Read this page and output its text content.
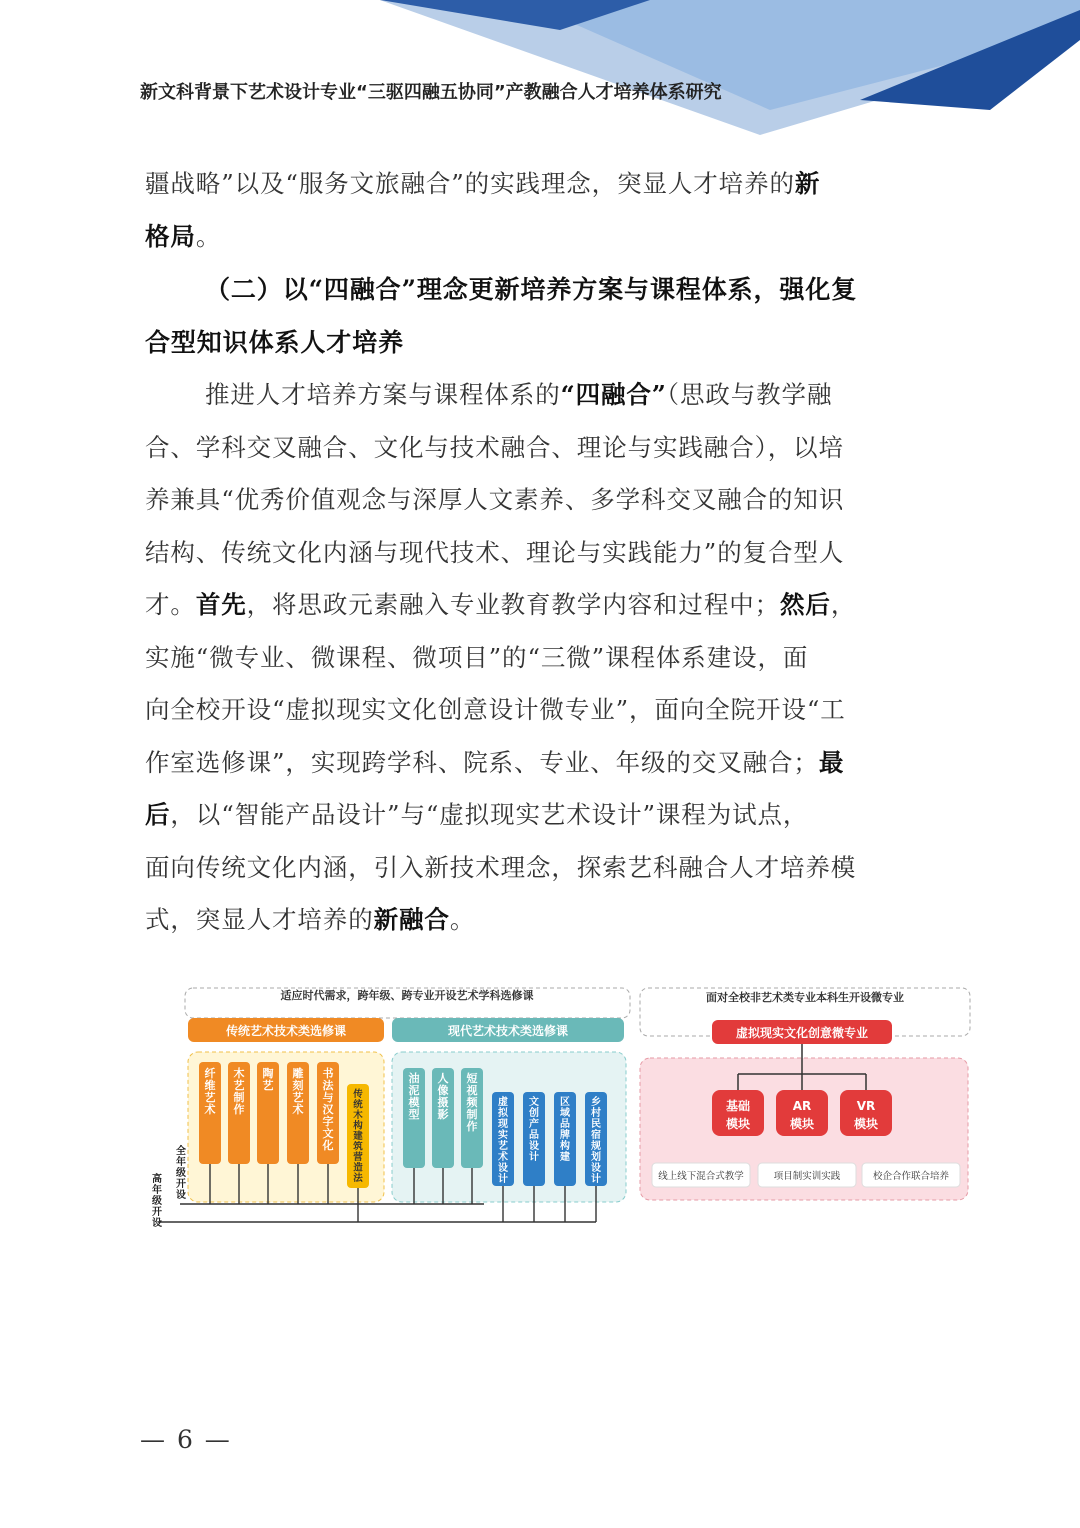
新文科背景下艺术设计专业“三驱四融五协同”产教融合人才培养体系研究
疆战略”以及“服务文旅融合”的实践理念，突显人才培养的新
格局。
（二）以“四融合”理念更新培养方案与课程体系，强化复
合型知识体系人才培养
推进人才培养方案与课程体系的“四融合”（思政与教学融
合、学科交叉融合、文化与技术融合、理论与实践融合），以培
养兼具“优秀价值观念与深厚人文素养、多学科交叉融合的知识
结构、传统文化内涵与现代技术、理论与实践能力”的复合型人
才。首先，将思政元素融入专业教育教学内容和过程中；然后，
实施“微专业、微课程、微项目”的“三微”课程体系建设，面
向全校开设“虚拟现实文化创意设计微专业”，面向全院开设“工
作室选修课”，实现跨学科、院系、专业、年级的交叉融合；最
后，以“智能产品设计”与“虚拟现实艺术设计”课程为试点，
面向传统文化内涵，引入新技术理念，探索艺科融合人才培养模
式，突显人才培养的新融合。
适应时代需求，跨年级、跨专业开设艺术学科选修课
传统艺术技术类选修课	现代艺术技术类选修课
纤维艺术
木艺制作
陶艺
雕刻艺术
书法与汉字文化
传统木构建筑营造法
油泥模型
人像摄影
短视频制作
虚拟现实艺术设计
文创产品设计
区域品牌构建
乡村民宿规划设计
全年级开设
高年级开设
面对全校非艺术类专业本科生开设微专业
虚拟现实文化创意微专业
基础
模块
AR
模块
VR
模块
线上线下混合式教学	项目制实训实践	校企合作联合培养
— 6 —
